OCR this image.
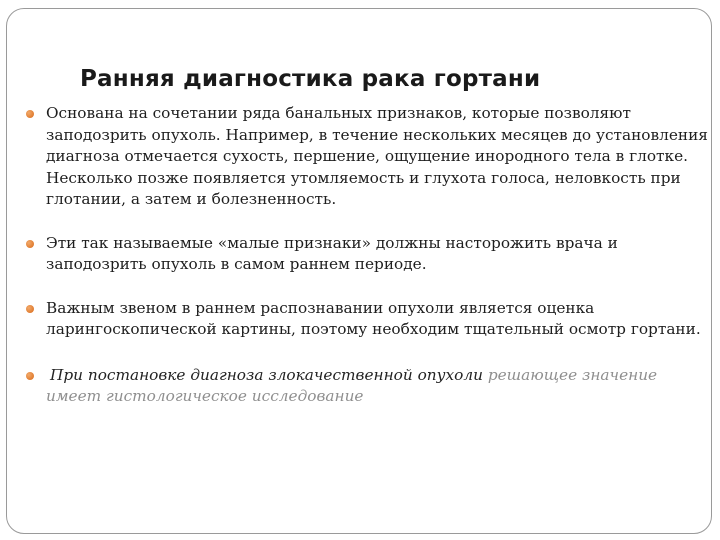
Ранняя диагностика рака гортани
Основана на сочетании ряда банальных признаков, которые позволяют заподозрить опухоль. Например, в течение нескольких месяцев до установления диагноза отмечается сухость, першение, ощущение инородного тела в глотке. Несколько позже появляется утомляемость и глухота голоса, неловкость при глотании, а затем и болезненность.
Эти так называемые «малые признаки» должны насторожить врача и заподозрить опухоль в самом раннем периоде.
Важным звеном в раннем распознавании опухоли является оценка ларингоскопической картины, поэтому необходим тщательный осмотр гортани.
При постановке диагноза злокачественной опухоли решающее значение имеет гистологическое исследование
